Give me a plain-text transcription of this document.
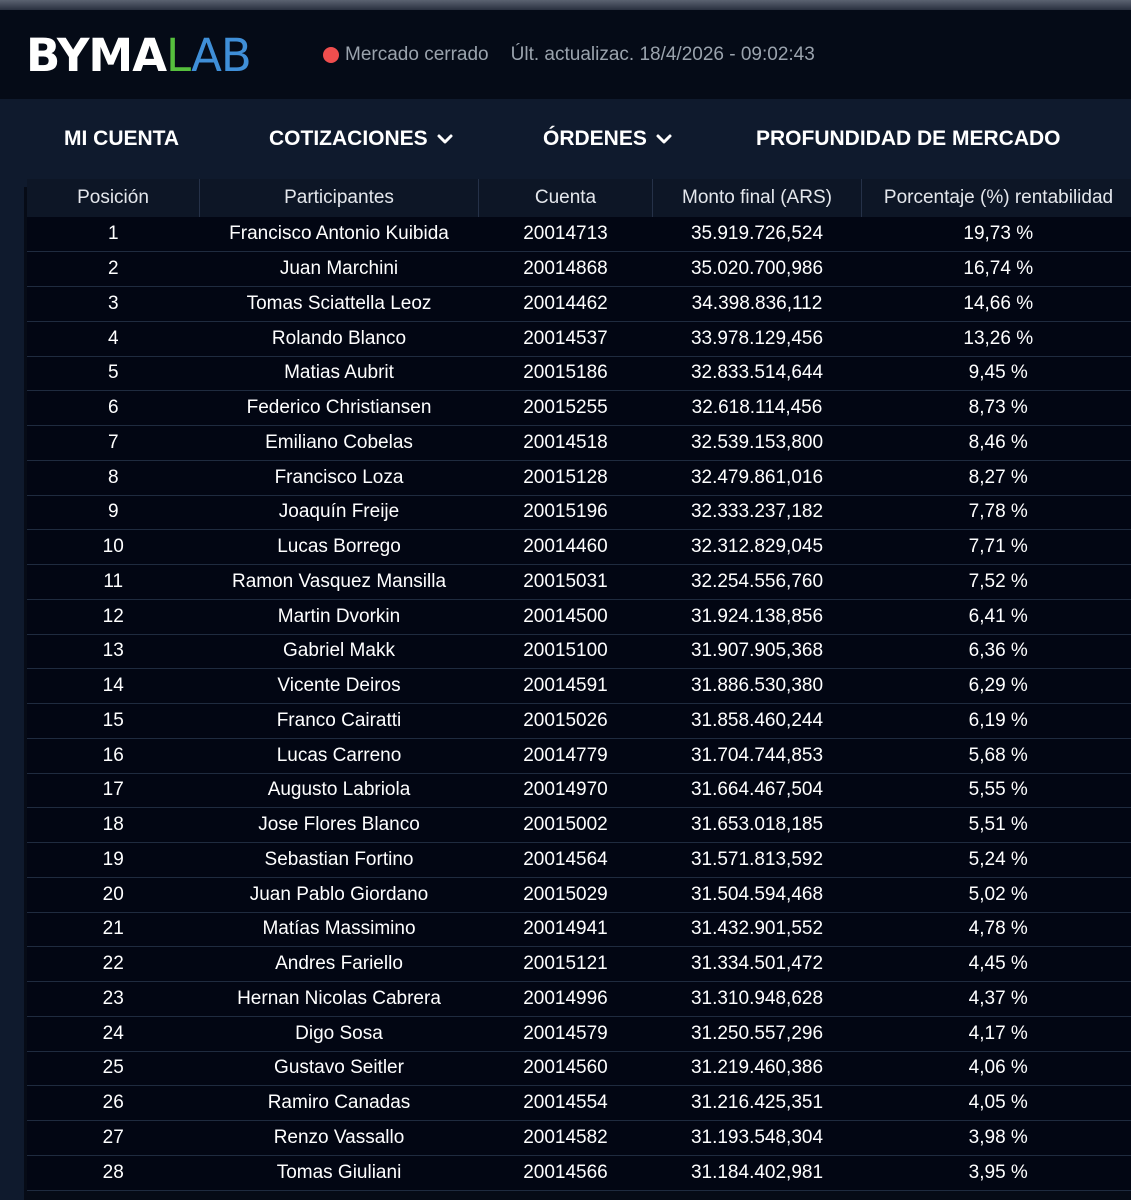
BYMALAB	Mercado cerrado Últ. actualizac. 18/4/2026 - 09:02:43
MI CUENTA	COTIZACIONES	ÓRDENES	PROFUNDIDAD DE MERCADO
Posición	Participantes	Cuenta	Monto final (ARS)	Porcentaje (%) rentabilidad
1	Francisco Antonio Kuibida	20014713	35.919.726,524	19,73 %
2	Juan Marchini	20014868	35.020.700,986	16,74 %
3	Tomas Sciattella Leoz	20014462	34.398.836,112	14,66 %
4	Rolando Blanco	20014537	33.978.129,456	13,26 %
5	Matias Aubrit	20015186	32.833.514,644	9,45 %
6	Federico Christiansen	20015255	32.618.114,456	8,73 %
7	Emiliano Cobelas	20014518	32.539.153,800	8,46 %
8	Francisco Loza	20015128	32.479.861,016	8,27 %
9	Joaquín Freije	20015196	32.333.237,182	7,78 %
10	Lucas Borrego	20014460	32.312.829,045	7,71 %
11	Ramon Vasquez Mansilla	20015031	32.254.556,760	7,52 %
12	Martin Dvorkin	20014500	31.924.138,856	6,41 %
13	Gabriel Makk	20015100	31.907.905,368	6,36 %
14	Vicente Deiros	20014591	31.886.530,380	6,29 %
15	Franco Cairatti	20015026	31.858.460,244	6,19 %
16	Lucas Carreno	20014779	31.704.744,853	5,68 %
17	Augusto Labriola	20014970	31.664.467,504	5,55 %
18	Jose Flores Blanco	20015002	31.653.018,185	5,51 %
19	Sebastian Fortino	20014564	31.571.813,592	5,24 %
20	Juan Pablo Giordano	20015029	31.504.594,468	5,02 %
21	Matías Massimino	20014941	31.432.901,552	4,78 %
22	Andres Fariello	20015121	31.334.501,472	4,45 %
23	Hernan Nicolas Cabrera	20014996	31.310.948,628	4,37 %
24	Digo Sosa	20014579	31.250.557,296	4,17 %
25	Gustavo Seitler	20014560	31.219.460,386	4,06 %
26	Ramiro Canadas	20014554	31.216.425,351	4,05 %
27	Renzo Vassallo	20014582	31.193.548,304	3,98 %
28	Tomas Giuliani	20014566	31.184.402,981	3,95 %
